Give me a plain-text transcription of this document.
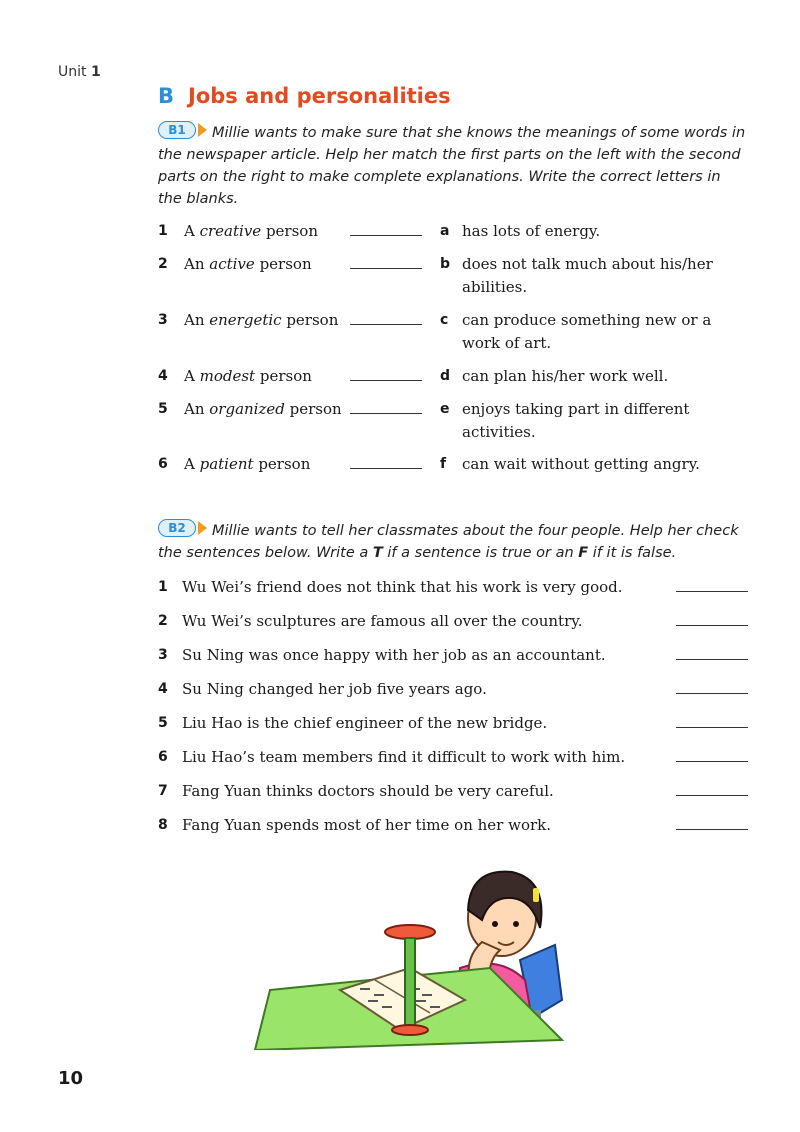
Unit 1
B Jobs and personalities
B1	Millie wants to make sure that she knows the meanings of some words in the newspaper article. Help her match the first parts on the left with the second parts on the right to make complete explanations. Write the correct letters in the blanks.
1 A creative person	a has lots of energy.
2 An active person	b does not talk much about his/her abilities.
3 An energetic person	c can produce something new or a work of art.
4 A modest person	d can plan his/her work well.
5 An organized person	e enjoys taking part in different activities.
6 A patient person	f can wait without getting angry.
B2	Millie wants to tell her classmates about the four people. Help her check the sentences below. Write a T if a sentence is true or an F if it is false.
1 Wu Wei’s friend does not think that his work is very good.
2 Wu Wei’s sculptures are famous all over the country.
3 Su Ning was once happy with her job as an accountant.
4 Su Ning changed her job five years ago.
5 Liu Hao is the chief engineer of the new bridge.
6 Liu Hao’s team members find it difficult to work with him.
7 Fang Yuan thinks doctors should be very careful.
8 Fang Yuan spends most of her time on her work.
10
